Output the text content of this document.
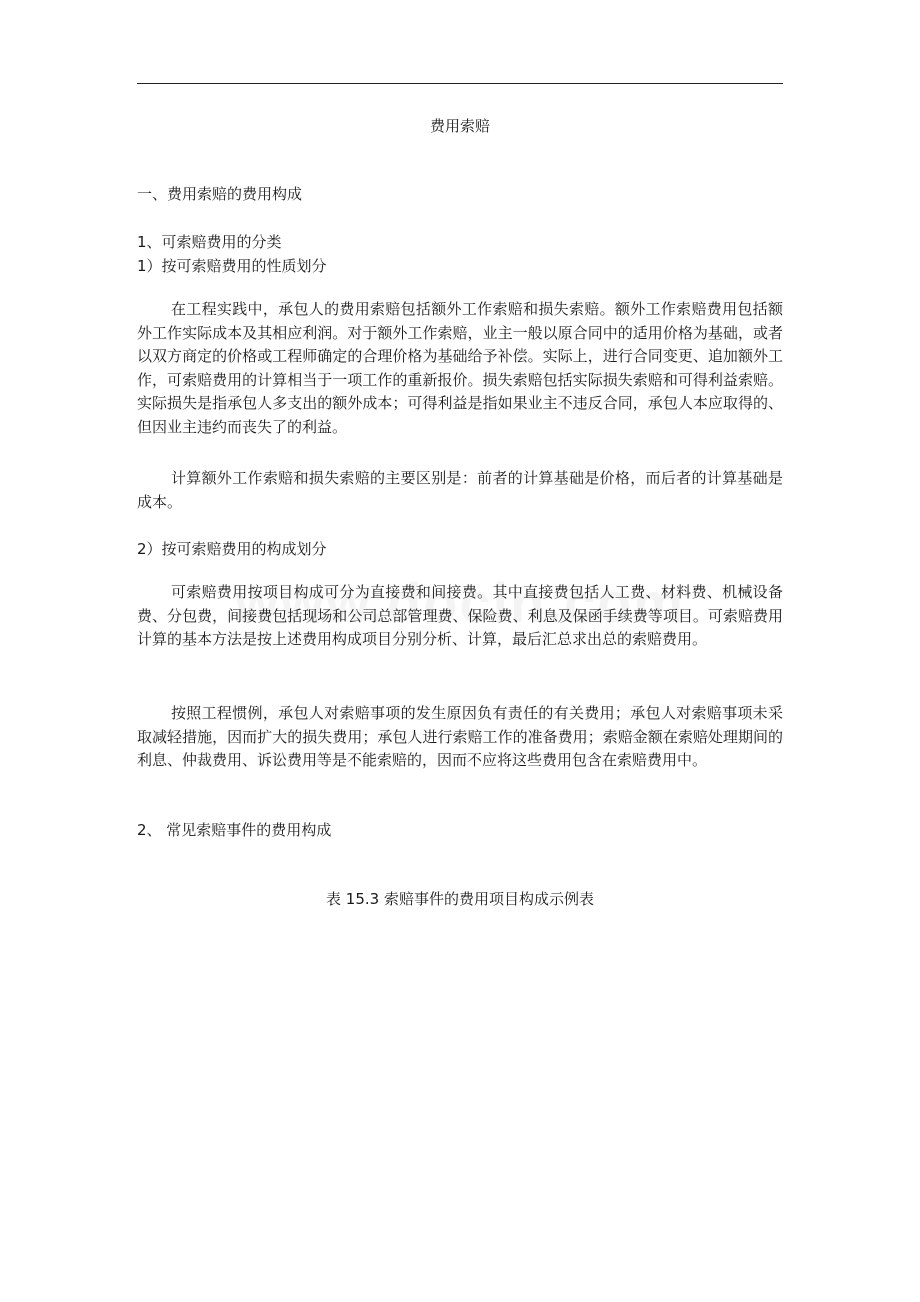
费用索赔
一、费用索赔的费用构成
1、可索赔费用的分类
1）按可索赔费用的性质划分

在工程实践中，承包人的费用索赔包括额外工作索赔和损失索赔。额外工作索赔费用包括额外工作实际成本及其相应利润。对于额外工作索赔，业主一般以原合同中的适用价格为基础，或者以双方商定的价格或工程师确定的合理价格为基础给予补偿。实际上，进行合同变更、追加额外工作，可索赔费用的计算相当于一项工作的重新报价。损失索赔包括实际损失索赔和可得利益索赔。实际损失是指承包人多支出的额外成本；可得利益是指如果业主不违反合同，承包人本应取得的、但因业主违约而丧失了的利益。

计算额外工作索赔和损失索赔的主要区别是：前者的计算基础是价格，而后者的计算基础是成本。

2）按可索赔费用的构成划分

可索赔费用按项目构成可分为直接费和间接费。其中直接费包括人工费、材料费、机械设备费、分包费，间接费包括现场和公司总部管理费、保险费、利息及保函手续费等项目。可索赔费用计算的基本方法是按上述费用构成项目分别分析、计算，最后汇总求出总的索赔费用。

按照工程惯例，承包人对索赔事项的发生原因负有责任的有关费用；承包人对索赔事项未采取减轻措施，因而扩大的损失费用；承包人进行索赔工作的准备费用；索赔金额在索赔处理期间的利息、仲裁费用、诉讼费用等是不能索赔的，因而不应将这些费用包含在索赔费用中。

2、 常见索赔事件的费用构成
表 15.3 索赔事件的费用项目构成示例表
